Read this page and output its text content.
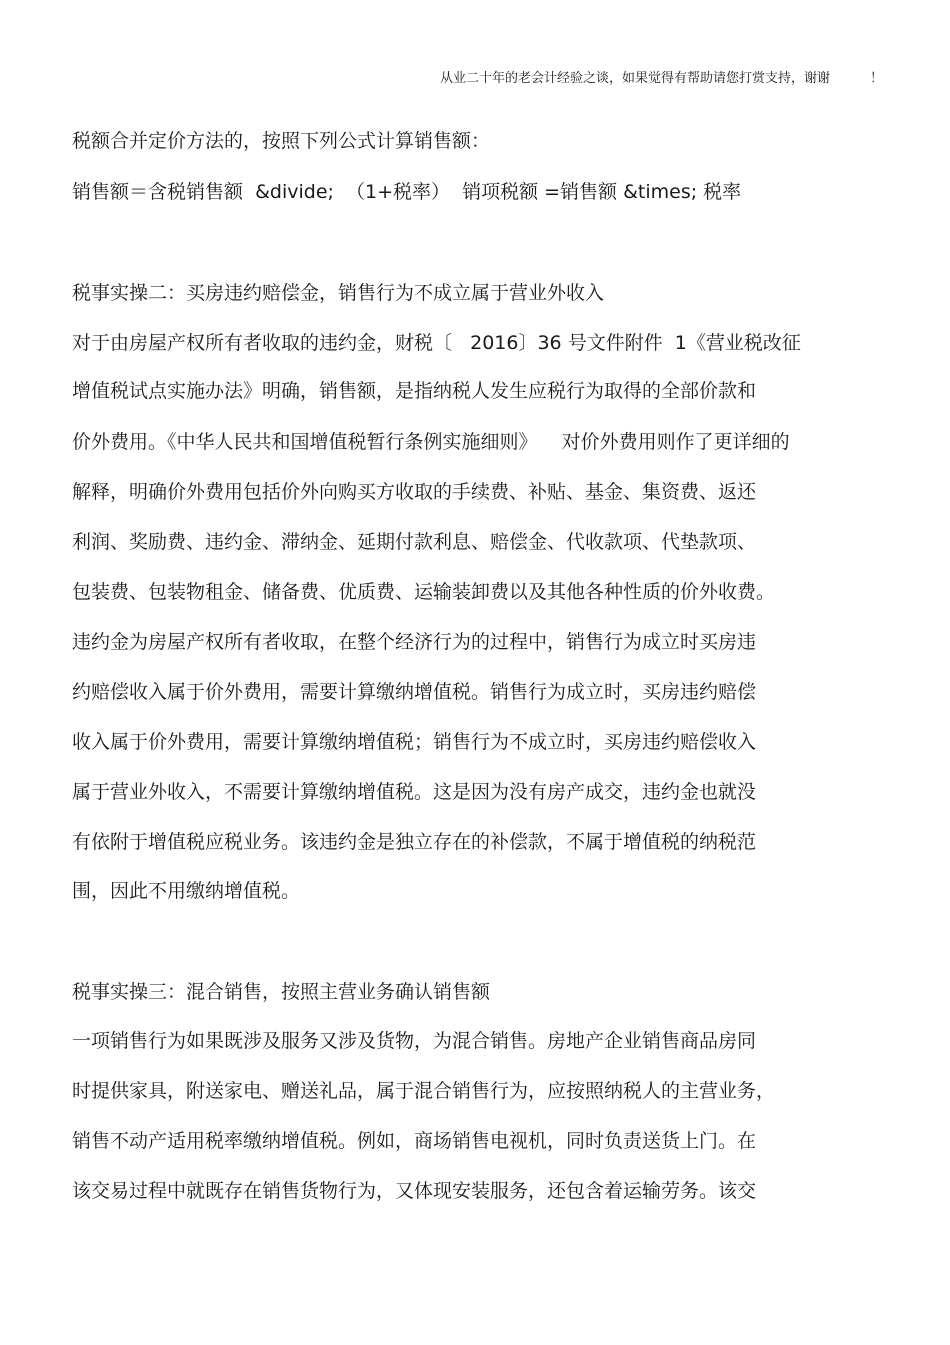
从业二十年的老会计经验之谈，如果觉得有帮助请您打赏支持，谢谢	！
税额合并定价方法的，按照下列公式计算销售额：
销售额＝含税销售额  &divide;  （1+税率）  销项税额 =销售额 &times; 税率
税事实操二：买房违约赔偿金，销售行为不成立属于营业外收入
对于由房屋产权所有者收取的违约金，财税〔   2016〕36 号文件附件  1《营业税改征
增值税试点实施办法》明确，销售额，是指纳税人发生应税行为取得的全部价款和
价外费用。《中华人民共和国增值税暂行条例实施细则》    对价外费用则作了更详细的
解释，明确价外费用包括价外向购买方收取的手续费、补贴、基金、集资费、返还
利润、奖励费、违约金、滞纳金、延期付款利息、赔偿金、代收款项、代垫款项、
包装费、包装物租金、储备费、优质费、运输装卸费以及其他各种性质的价外收费。
违约金为房屋产权所有者收取，在整个经济行为的过程中，销售行为成立时买房违
约赔偿收入属于价外费用，需要计算缴纳增值税。销售行为成立时，买房违约赔偿
收入属于价外费用，需要计算缴纳增值税；销售行为不成立时，买房违约赔偿收入
属于营业外收入，不需要计算缴纳增值税。这是因为没有房产成交，违约金也就没
有依附于增值税应税业务。该违约金是独立存在的补偿款，不属于增值税的纳税范
围，因此不用缴纳增值税。
税事实操三：混合销售，按照主营业务确认销售额
一项销售行为如果既涉及服务又涉及货物，为混合销售。房地产企业销售商品房同
时提供家具，附送家电、赠送礼品，属于混合销售行为，应按照纳税人的主营业务，
销售不动产适用税率缴纳增值税。例如，商场销售电视机，同时负责送货上门。在
该交易过程中就既存在销售货物行为，又体现安装服务，还包含着运输劳务。该交
